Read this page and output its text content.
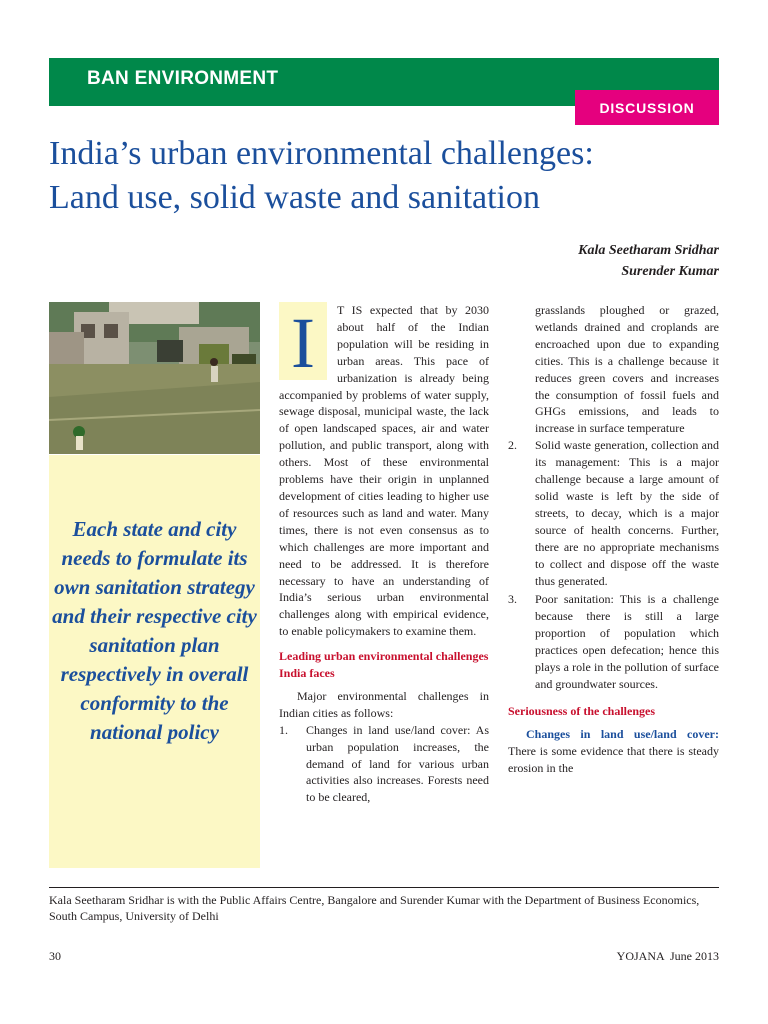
BAN ENVIRONMENT
DISCUSSION
India’s urban environmental challenges:
Land use, solid waste and sanitation
Kala Seetharam Sridhar
Surender Kumar
Each state and city needs to formulate its own sanitation strategy and their respective city sanitation plan respectively in overall conformity to the national policy
I	T IS expected that by 2030 about half of the Indian population will be residing in urban areas. This pace of urbanization is already being accompanied by problems of water supply, sewage disposal, municipal waste, the lack of open landscaped spaces, air and water pollution, and public transport, along with others. Most of these environmental problems have their origin in unplanned development of cities leading to higher use of resources such as land and water. Many times, there is not even consensus as to which challenges are more important and need to be addressed. It is therefore necessary to have an understanding of India’s serious urban environmental challenges along with empirical evidence, to enable policymakers to examine them.

Leading urban environmental challenges India faces

Major environmental challenges in Indian cities as follows:

1. Changes in land use/land cover: As urban population increases, the demand of land for various urban activities also increases. Forests need to be cleared,

grasslands ploughed or grazed, wetlands drained and croplands are encroached upon due to expanding cities. This is a challenge because it reduces green covers and increases the consumption of fossil fuels and GHGs emissions, and leads to increase in surface temperature

2. Solid waste generation, collection and its management: This is a major challenge because a large amount of solid waste is left by the side of streets, to decay, which is a major source of health concerns. Further, there are no appropriate mechanisms to collect and dispose off the waste thus generated.
3. Poor sanitation: This is a challenge because there is still a large proportion of population which practices open defecation; hence this plays a role in the pollution of surface and groundwater sources.

Seriousness of the challenges

Changes in land use/land cover: There is some evidence that there is steady erosion in the

Kala Seetharam Sridhar is with the Public Affairs Centre, Bangalore and Surender Kumar with the Department of Business Economics, South Campus, University of Delhi
30	YOJANA  June 2013
